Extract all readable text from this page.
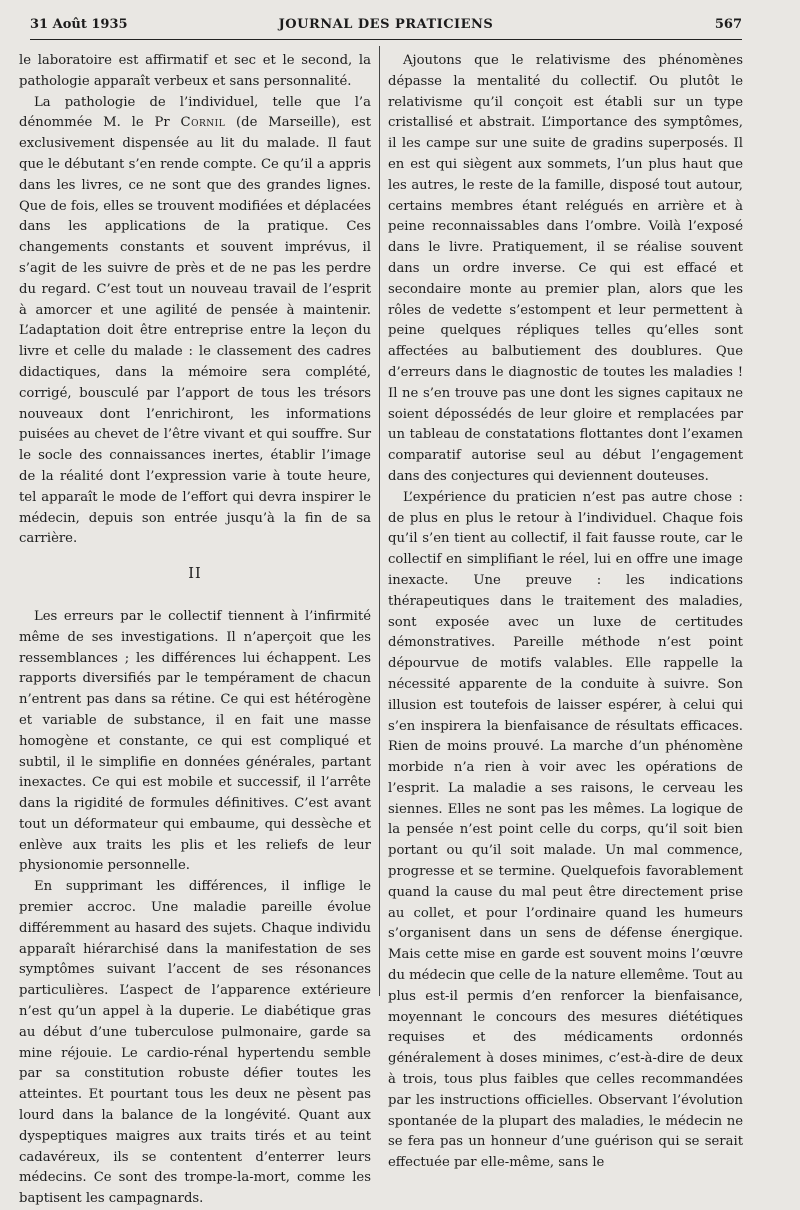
31 Août 1935	JOURNAL DES PRATICIENS	567

le laboratoire est affirmatif et sec et le second, la pathologie apparaît verbeux et sans personnalité.

La pathologie de l’individuel, telle que l’a dénommée M. le Pr Cornil (de Marseille), est exclusivement dispensée au lit du malade. Il faut que le débutant s’en rende compte. Ce qu’il a appris dans les livres, ce ne sont que des grandes lignes. Que de fois, elles se trouvent modifiées et déplacées dans les applications de la pratique. Ces changements constants et souvent imprévus, il s’agit de les suivre de près et de ne pas les perdre du regard. C’est tout un nouveau travail de l’esprit à amorcer et une agilité de pensée à maintenir. L’adaptation doit être entreprise entre la leçon du livre et celle du malade : le classement des cadres didactiques, dans la mémoire sera complété, corrigé, bousculé par l’apport de tous les trésors nouveaux dont l’enrichiront, les informations puisées au chevet de l’être vivant et qui souffre. Sur le socle des connaissances inertes, établir l’image de la réalité dont l’expression varie à toute heure, tel apparaît le mode de l’effort qui devra inspirer le médecin, depuis son entrée jusqu’à la fin de sa carrière.

II

Les erreurs par le collectif tiennent à l’infirmité même de ses investigations. Il n’aperçoit que les ressemblances ; les différences lui échappent. Les rapports diversifiés par le tempérament de chacun n’entrent pas dans sa rétine. Ce qui est hétérogène et variable de substance, il en fait une masse homogène et constante, ce qui est compliqué et subtil, il le simplifie en données générales, partant inexactes. Ce qui est mobile et successif, il l’arrête dans la rigidité de formules définitives. C’est avant tout un déformateur qui embaume, qui dessèche et enlève aux traits les plis et les reliefs de leur physionomie personnelle.

En supprimant les différences, il inflige le premier accroc. Une maladie pareille évolue différemment au hasard des sujets. Chaque individu apparaît hiérarchisé dans la manifestation de ses symptômes suivant l’accent de ses résonances particulières. L’aspect de l’apparence extérieure n’est qu’un appel à la duperie. Le diabétique gras au début d’une tuberculose pulmonaire, garde sa mine réjouie. Le cardio-rénal hypertendu semble par sa constitution robuste défier toutes les atteintes. Et pourtant tous les deux ne pèsent pas lourd dans la balance de la longévité. Quant aux dyspeptiques maigres aux traits tirés et au teint cadavéreux, ils se contentent d’enterrer leurs médecins. Ce sont des trompe-la-mort, comme les baptisent les campagnards.

Ajoutons que le relativisme des phénomènes dépasse la mentalité du collectif. Ou plutôt le relativisme qu’il conçoit est établi sur un type cristallisé et abstrait. L’importance des symptômes, il les campe sur une suite de gradins superposés. Il en est qui siègent aux sommets, l’un plus haut que les autres, le reste de la famille, disposé tout autour, certains membres étant relégués en arrière et à peine reconnaissables dans l’ombre. Voilà l’exposé dans le livre. Pratiquement, il se réalise souvent dans un ordre inverse. Ce qui est effacé et secondaire monte au premier plan, alors que les rôles de vedette s’estompent et leur permettent à peine quelques répliques telles qu’elles sont affectées au balbutiement des doublures. Que d’erreurs dans le diagnostic de toutes les maladies ! Il ne s’en trouve pas une dont les signes capitaux ne soient dépossédés de leur gloire et remplacées par un tableau de constatations flottantes dont l’examen comparatif autorise seul au début l’engagement dans des conjectures qui deviennent douteuses.

L’expérience du praticien n’est pas autre chose : de plus en plus le retour à l’individuel. Chaque fois qu’il s’en tient au collectif, il fait fausse route, car le collectif en simplifiant le réel, lui en offre une image inexacte. Une preuve : les indications thérapeutiques dans le traitement des maladies, sont exposée avec un luxe de certitudes démonstratives. Pareille méthode n’est point dépourvue de motifs valables. Elle rappelle la nécessité apparente de la conduite à suivre. Son illusion est toutefois de laisser espérer, à celui qui s’en inspirera la bienfaisance de résultats efficaces. Rien de moins prouvé. La marche d’un phénomène morbide n’a rien à voir avec les opérations de l’esprit. La maladie a ses raisons, le cerveau les siennes. Elles ne sont pas les mêmes. La logique de la pensée n’est point celle du corps, qu’il soit bien portant ou qu’il soit malade. Un mal commence, progresse et se termine. Quelquefois favorablement quand la cause du mal peut être directement prise au collet, et pour l’ordinaire quand les humeurs s’organisent dans un sens de défense énergique. Mais cette mise en garde est souvent moins l’œuvre du médecin que celle de la nature ellemême. Tout au plus est-il permis d’en renforcer la bienfaisance, moyennant le concours des mesures diététiques requises et des médicaments ordonnés généralement à doses minimes, c’est-à-dire de deux à trois, tous plus faibles que celles recommandées par les instructions officielles. Observant l’évolution spontanée de la plupart des maladies, le médecin ne se fera pas un honneur d’une guérison qui se serait effectuée par elle-même, sans le
